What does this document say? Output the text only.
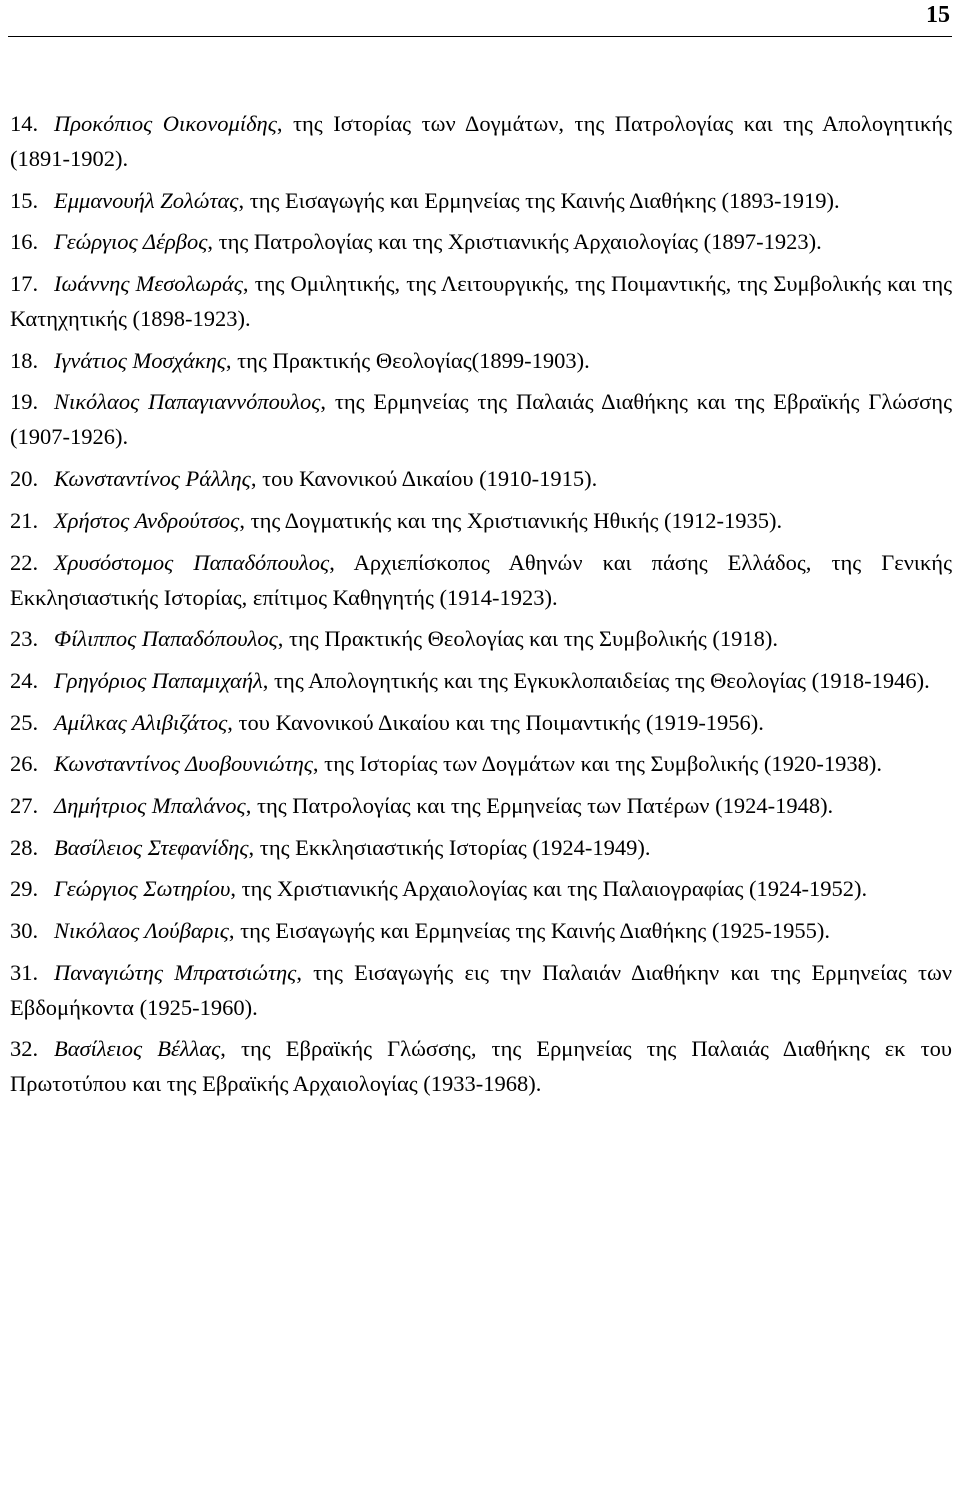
15
14. Προκόπιος Οικονομίδης, της Ιστορίας των Δογμάτων, της Πατρολογίας και της Απολογητικής (1891-1902).
15. Εμμανουήλ Ζολώτας, της Εισαγωγής και Ερμηνείας της Καινής Διαθήκης (1893-1919).
16. Γεώργιος Δέρβος, της Πατρολογίας και της Χριστιανικής Αρχαιολογίας (1897-1923).
17. Ιωάννης Μεσολωράς, της Ομιλητικής, της Λειτουργικής, της Ποιμαντικής, της Συμβολικής και της Κατηχητικής (1898-1923).
18. Ιγνάτιος Μοσχάκης, της Πρακτικής Θεολογίας(1899-1903).
19. Νικόλαος Παπαγιαννόπουλος, της Ερμηνείας της Παλαιάς Διαθήκης και της Εβραϊκής Γλώσσης (1907-1926).
20. Κωνσταντίνος Ράλλης, του Κανονικού Δικαίου (1910-1915).
21. Χρήστος Ανδρούτσος, της Δογματικής και της Χριστιανικής Ηθικής (1912-1935).
22. Χρυσόστομος Παπαδόπουλος, Αρχιεπίσκοπος Αθηνών και πάσης Ελλάδος, της Γενικής Εκκλησιαστικής Ιστορίας, επίτιμος Καθηγητής (1914-1923).
23. Φίλιππος Παπαδόπουλος, της Πρακτικής Θεολογίας και της Συμβολικής (1918).
24. Γρηγόριος Παπαμιχαήλ, της Απολογητικής και της Εγκυκλοπαιδείας της Θεολογίας (1918-1946).
25. Αμίλκας Αλιβιζάτος, του Κανονικού Δικαίου και της Ποιμαντικής (1919-1956).
26. Κωνσταντίνος Δυοβουνιώτης, της Ιστορίας των Δογμάτων και της Συμβολικής (1920-1938).
27. Δημήτριος Μπαλάνος, της Πατρολογίας και της Ερμηνείας των Πατέρων (1924-1948).
28. Βασίλειος Στεφανίδης, της Εκκλησιαστικής Ιστορίας (1924-1949).
29. Γεώργιος Σωτηρίου, της Χριστιανικής Αρχαιολογίας και της Παλαιογραφίας (1924-1952).
30. Νικόλαος Λούβαρις, της Εισαγωγής και Ερμηνείας της Καινής Διαθήκης (1925-1955).
31. Παναγιώτης Μπρατσιώτης, της Εισαγωγής εις την Παλαιάν Διαθήκην και της Ερμηνείας των Εβδομήκοντα (1925-1960).
32. Βασίλειος Βέλλας, της Εβραϊκής Γλώσσης, της Ερμηνείας της Παλαιάς Διαθήκης εκ του Πρωτοτύπου και της Εβραϊκής Αρχαιολογίας (1933-1968).
